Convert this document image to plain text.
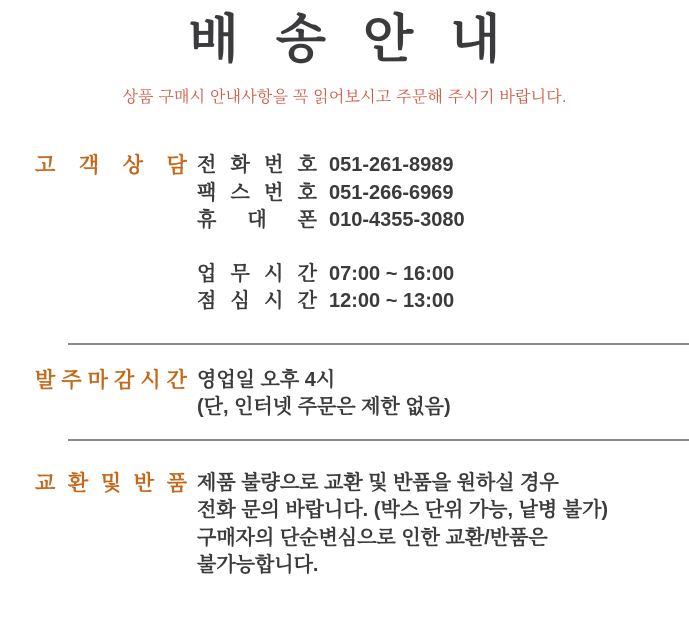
배 송 안 내
상품 구매시 안내사항을 꼭 읽어보시고 주문해 주시기 바랍니다.
고 객 상 담 전 화 번 호 051-261-8989
팩 스 번 호 051-266-6969
휴 대 폰 010-4355-3080
업 무 시 간 07:00 ~ 16:00
점 심 시 간 12:00 ~ 13:00
발 주 마 감 시 간 영업일 오후 4시
(단, 인터넷 주문은 제한 없음)
교 환 및 반 품 제품 불량으로 교환 및 반품을 원하실 경우
전화 문의 바랍니다. (박스 단위 가능, 낱병 불가)
구매자의 단순변심으로 인한 교환/반품은
불가능합니다.
